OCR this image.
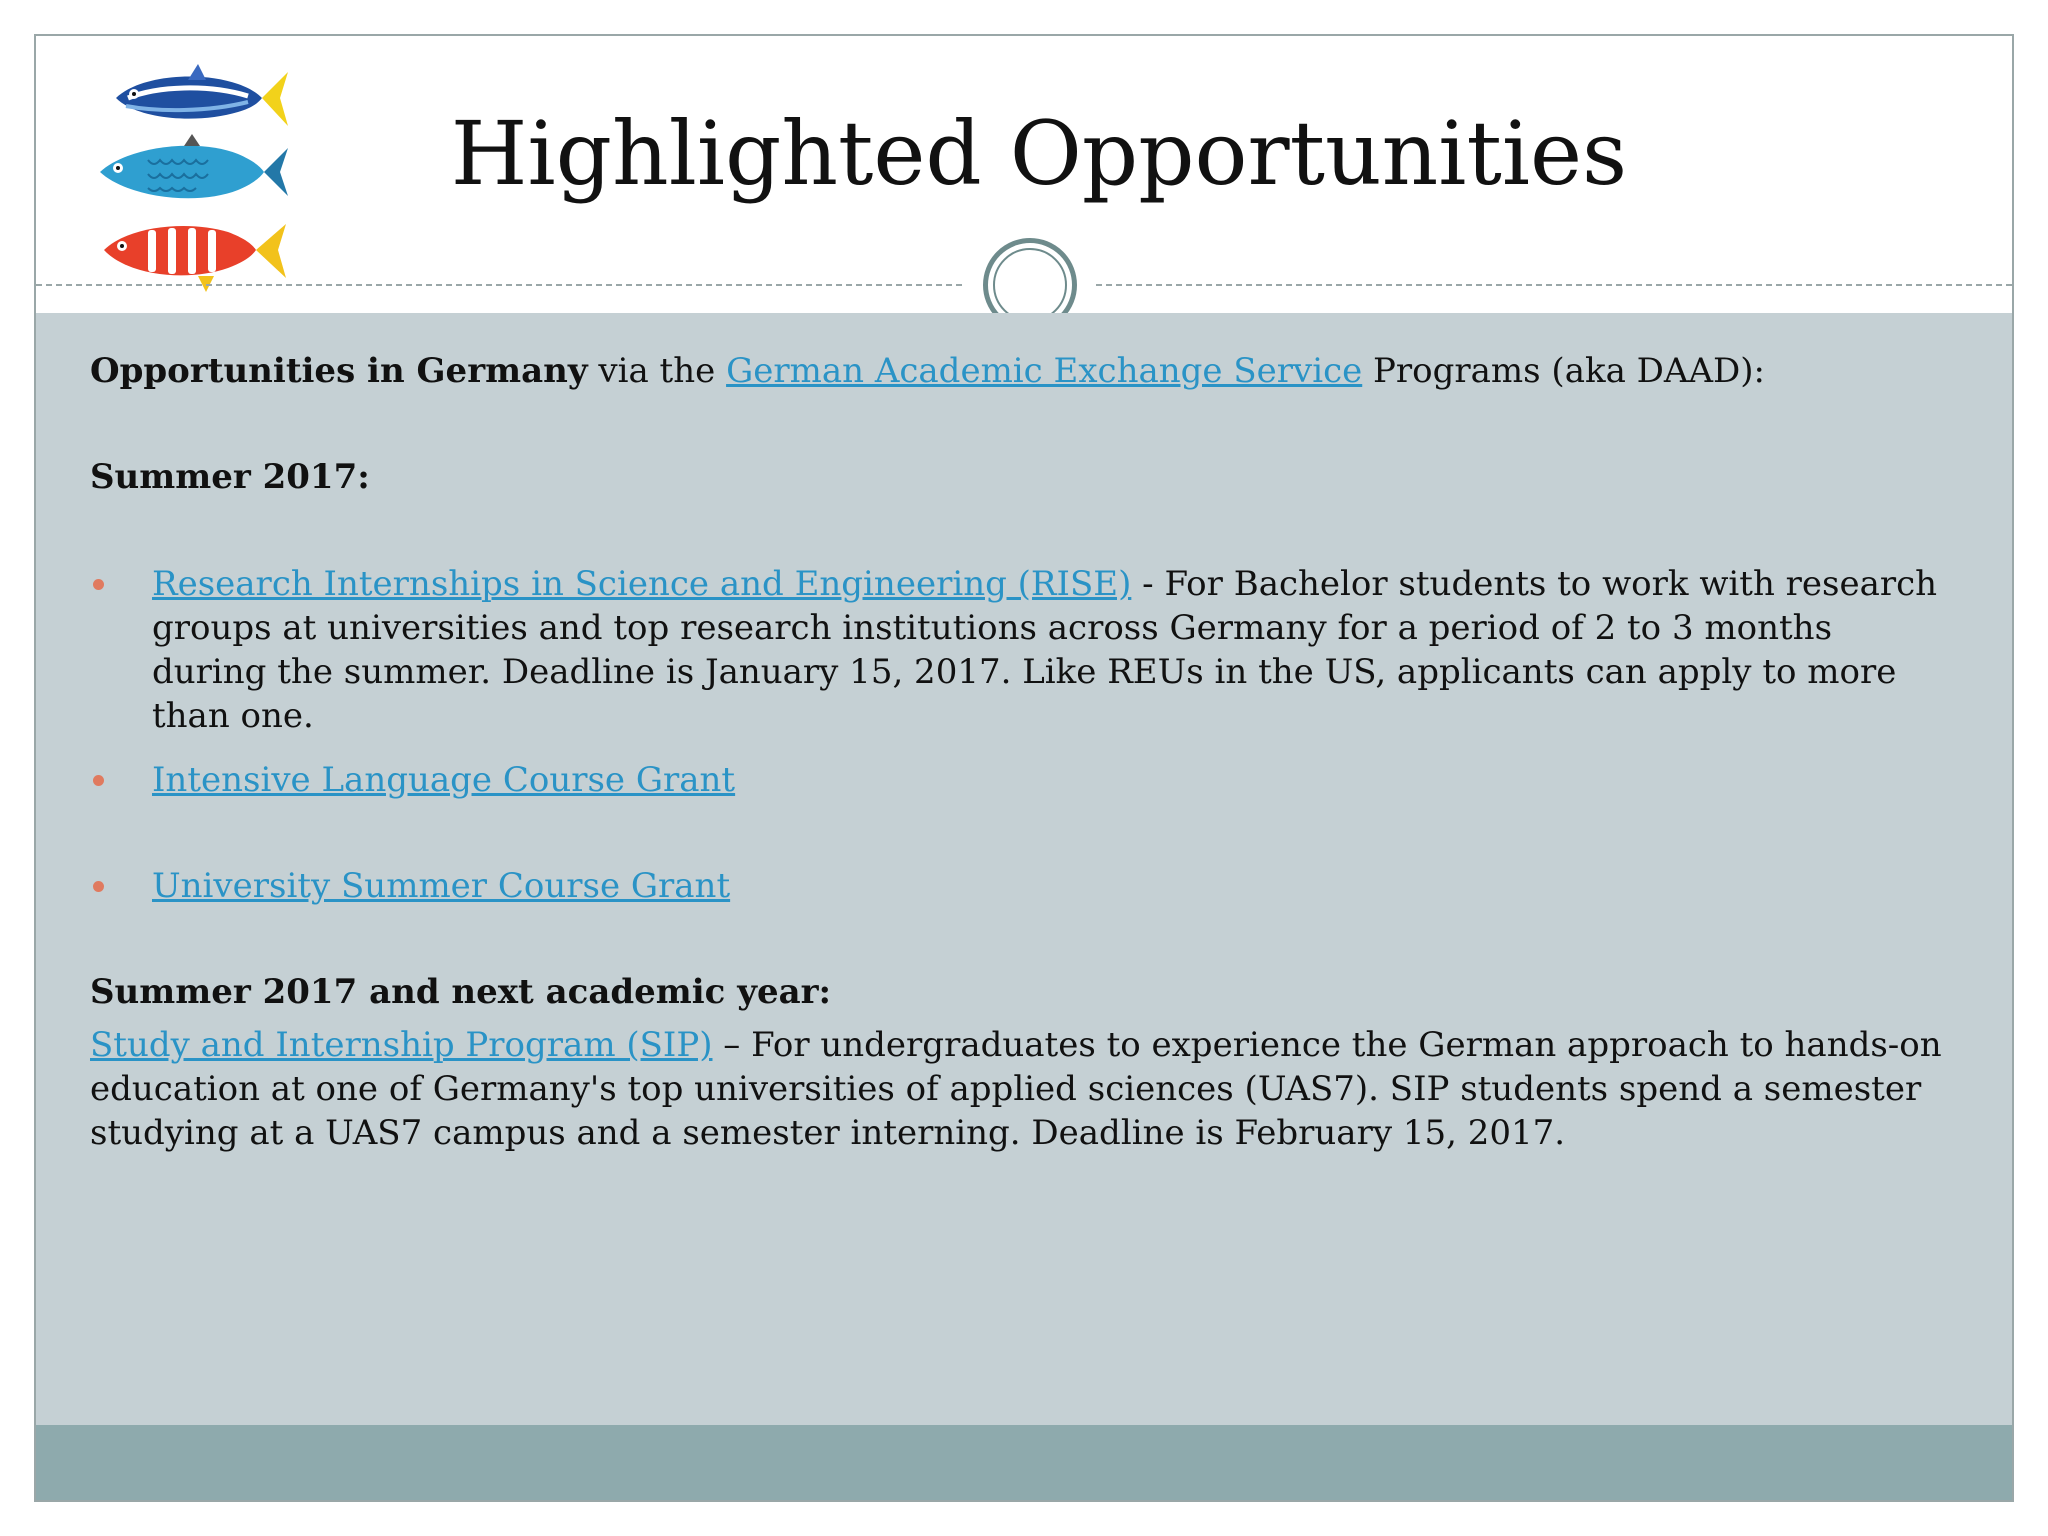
Highlighted Opportunities

Opportunities in Germany via the German Academic Exchange Service Programs (aka DAAD):

Summer 2017:

Research Internships in Science and Engineering (RISE) - For Bachelor students to work with research groups at universities and top research institutions across Germany for a period of 2 to 3 months during the summer. Deadline is January 15, 2017. Like REUs in the US, applicants can apply to more than one.
Intensive Language Course Grant
University Summer Course Grant

Summer 2017 and next academic year:

Study and Internship Program (SIP) – For undergraduates to experience the German approach to hands-on education at one of Germany's top universities of applied sciences (UAS7). SIP students spend a semester studying at a UAS7 campus and a semester interning. Deadline is February 15, 2017.
